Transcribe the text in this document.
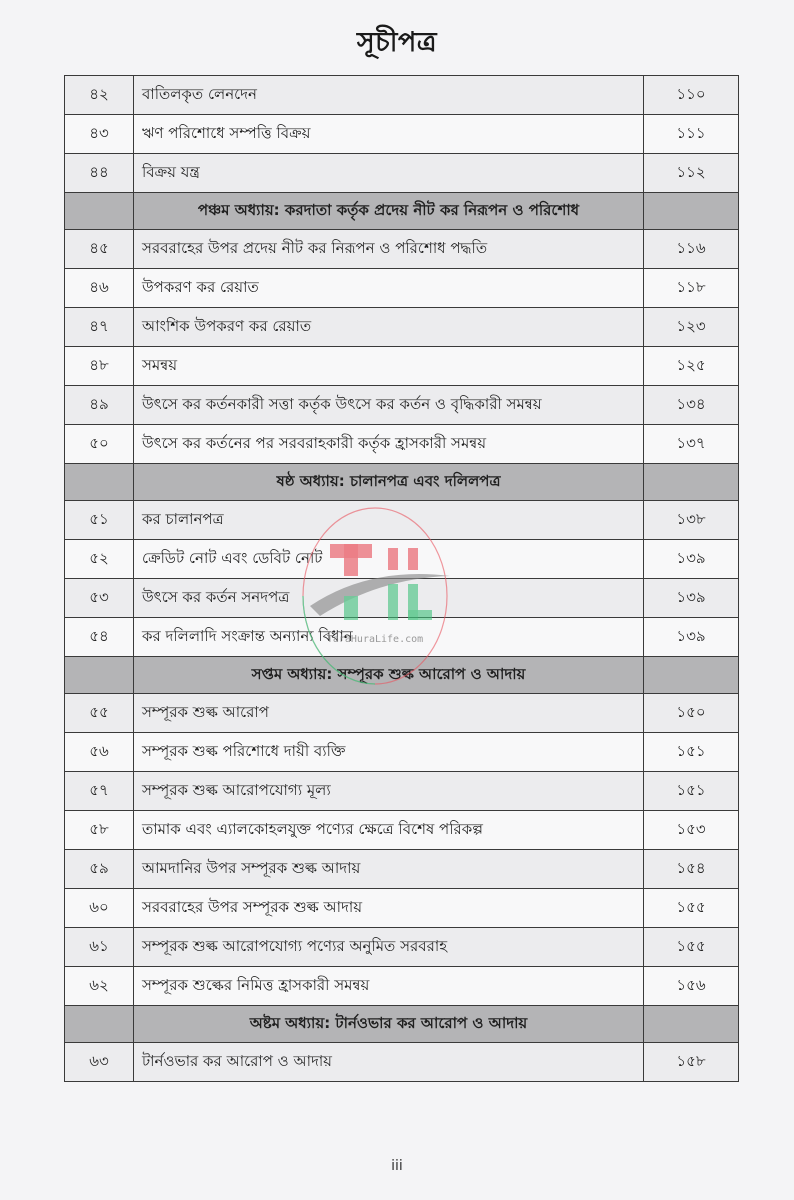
সূচীপত্র
৪২	বাতিলকৃত লেনদেন	১১০
৪৩	ঋণ পরিশোধে সম্পত্তি বিক্রয়	১১১
৪৪	বিক্রয় যন্ত্র	১১২
	পঞ্চম অধ্যায়: করদাতা কর্তৃক প্রদেয় নীট কর নিরূপন ও পরিশোধ	
৪৫	সরবরাহের উপর প্রদেয় নীট কর নিরূপন ও পরিশোধ পদ্ধতি	১১৬
৪৬	উপকরণ কর রেয়াত	১১৮
৪৭	আংশিক উপকরণ কর রেয়াত	১২৩
৪৮	সমন্বয়	১২৫
৪৯	উৎসে কর কর্তনকারী সত্তা কর্তৃক উৎসে কর কর্তন ও বৃদ্ধিকারী সমন্বয়	১৩৪
৫০	উৎসে কর কর্তনের পর সরবরাহকারী কর্তৃক হ্রাসকারী সমন্বয়	১৩৭
	ষষ্ঠ অধ্যায়: চালানপত্র এবং দলিলপত্র	
৫১	কর চালানপত্র	১৩৮
৫২	ক্রেডিট নোট এবং ডেবিট নোট	১৩৯
৫৩	উৎসে কর কর্তন সনদপত্র	১৩৯
৫৪	কর দলিলাদি সংক্রান্ত অন্যান্য বিধান	১৩৯
	সপ্তম অধ্যায়: সম্পূরক শুল্ক আরোপ ও আদায়	
৫৫	সম্পূরক শুল্ক আরোপ	১৫০
৫৬	সম্পূরক শুল্ক পরিশোধে দায়ী ব্যক্তি	১৫১
৫৭	সম্পূরক শুল্ক আরোপযোগ্য মূল্য	১৫১
৫৮	তামাক এবং এ্যালকোহলযুক্ত পণ্যের ক্ষেত্রে বিশেষ পরিকল্প	১৫৩
৫৯	আমদানির উপর সম্পূরক শুল্ক আদায়	১৫৪
৬০	সরবরাহের উপর সম্পূরক শুল্ক আদায়	১৫৫
৬১	সম্পূরক শুল্ক আরোপযোগ্য পণ্যের অনুমিত সরবরাহ	১৫৫
৬২	সম্পূরক শুল্কের নিমিত্ত হ্রাসকারী সমন্বয়	১৫৬
	অষ্টম অধ্যায়: টার্নওভার কর আরোপ ও আদায়	
৬৩	টার্নওভার কর আরোপ ও আদায়	১৫৮
TaraHuraLife.com
iii
